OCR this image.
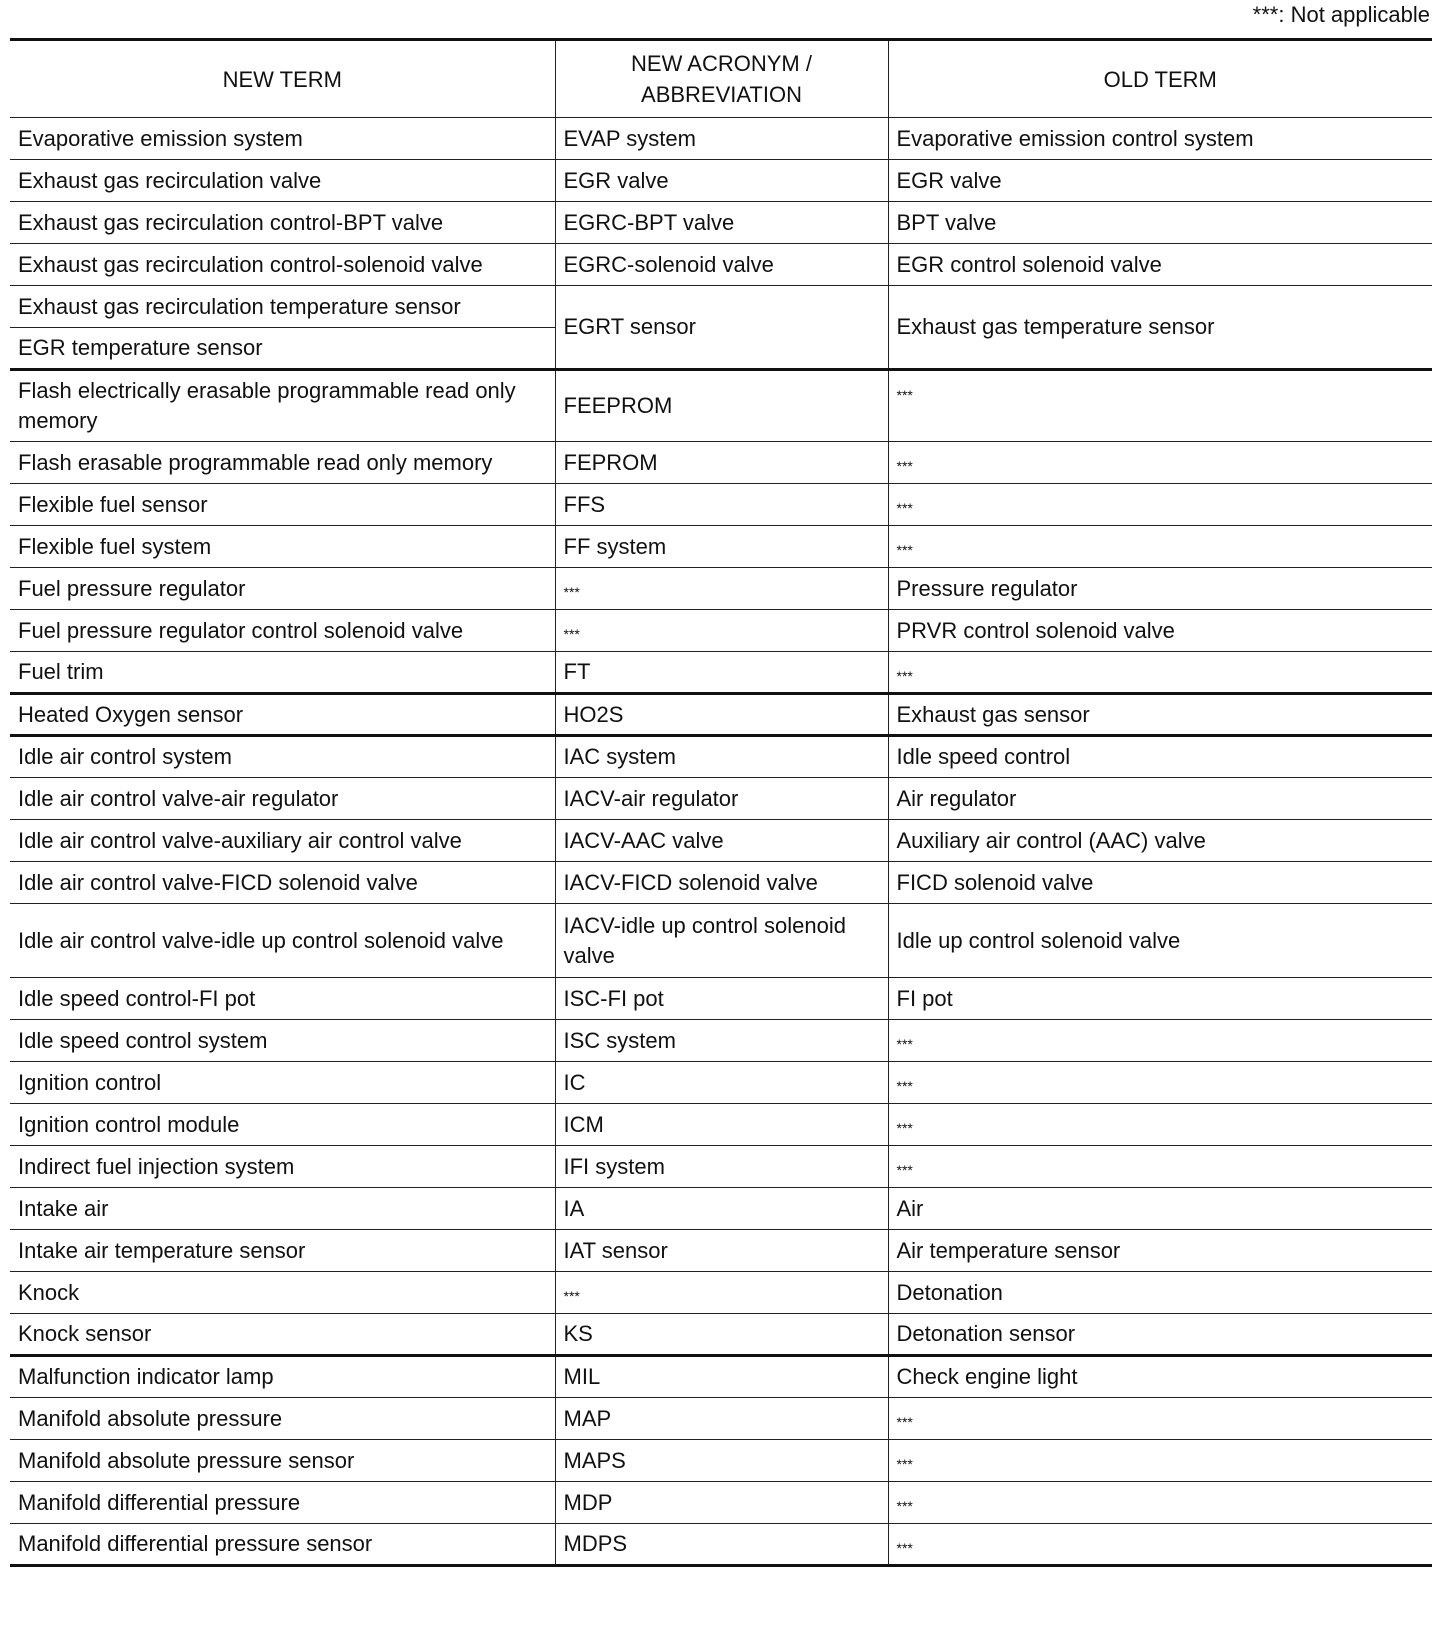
***: Not applicable
NEW TERM	NEW ACRONYM /
ABBREVIATION	OLD TERM
Evaporative emission system	EVAP system	Evaporative emission control system
Exhaust gas recirculation valve	EGR valve	EGR valve
Exhaust gas recirculation control-BPT valve	EGRC-BPT valve	BPT valve
Exhaust gas recirculation control-solenoid valve	EGRC-solenoid valve	EGR control solenoid valve
Exhaust gas recirculation temperature sensor	EGRT sensor	Exhaust gas temperature sensor
EGR temperature sensor		
Flash electrically erasable programmable read only memory	FEEPROM	***
Flash erasable programmable read only memory	FEPROM	***
Flexible fuel sensor	FFS	***
Flexible fuel system	FF system	***
Fuel pressure regulator	***	Pressure regulator
Fuel pressure regulator control solenoid valve	***	PRVR control solenoid valve
Fuel trim	FT	***
Heated Oxygen sensor	HO2S	Exhaust gas sensor
Idle air control system	IAC system	Idle speed control
Idle air control valve-air regulator	IACV-air regulator	Air regulator
Idle air control valve-auxiliary air control valve	IACV-AAC valve	Auxiliary air control (AAC) valve
Idle air control valve-FICD solenoid valve	IACV-FICD solenoid valve	FICD solenoid valve
Idle air control valve-idle up control solenoid valve	IACV-idle up control solenoid valve	Idle up control solenoid valve
Idle speed control-FI pot	ISC-FI pot	FI pot
Idle speed control system	ISC system	***
Ignition control	IC	***
Ignition control module	ICM	***
Indirect fuel injection system	IFI system	***
Intake air	IA	Air
Intake air temperature sensor	IAT sensor	Air temperature sensor
Knock	***	Detonation
Knock sensor	KS	Detonation sensor
Malfunction indicator lamp	MIL	Check engine light
Manifold absolute pressure	MAP	***
Manifold absolute pressure sensor	MAPS	***
Manifold differential pressure	MDP	***
Manifold differential pressure sensor	MDPS	***
